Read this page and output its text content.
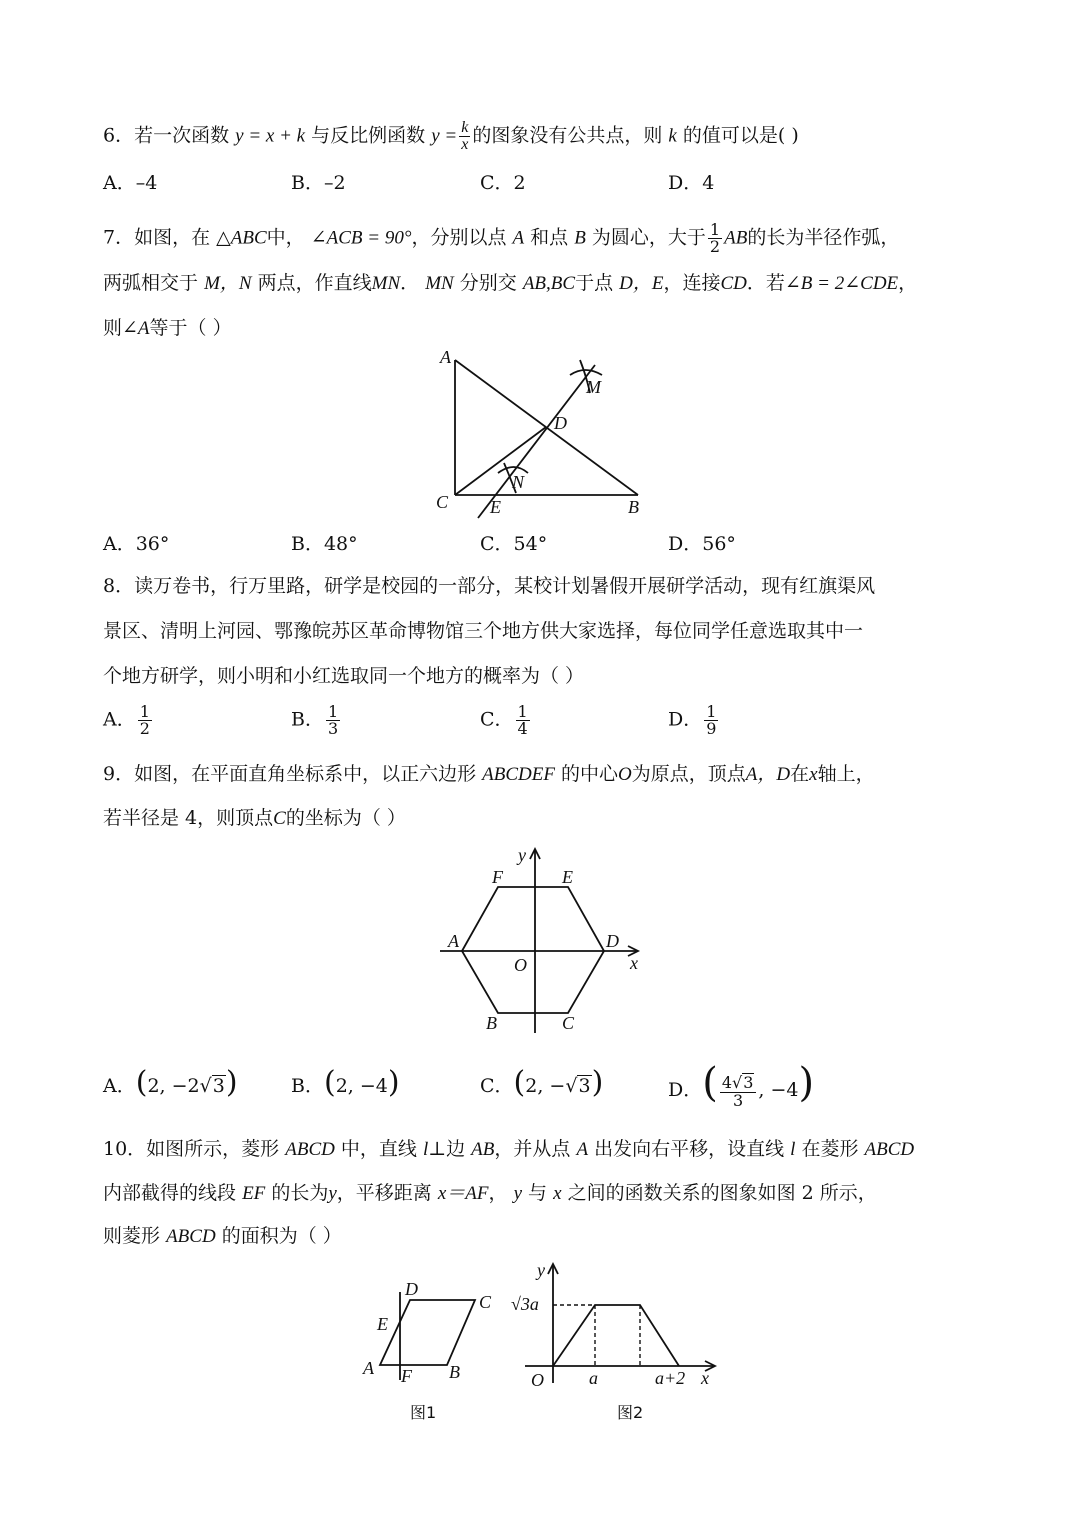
6．若一次函数 y = x + k 与反比例函数 $y = \frac{k}{x}$ 的图象没有公共点，则 k 的值可以是( )
A．–4	B．–2	C．2	D．4
7．如图，在 △ABC中， ∠ACB = 90°，分别以点 A 和点 B 为圆心，大于 $\frac{1}{2}$ AB的长为半径作弧，
两弧相交于 M，N 两点，作直线MN． MN 分别交 AB,BC于点 D，E，连接CD．若∠B = 2∠CDE，
则∠A等于（ ）
A
M
D
N
C E	B
A．36°	B．48°	C．54°	D．56°
8．读万卷书，行万里路，研学是校园的一部分，某校计划暑假开展研学活动，现有红旗渠风
景区、清明上河园、鄂豫皖苏区革命博物馆三个地方供大家选择，每位同学任意选取其中一
个地方研学，则小明和小红选取同一个地方的概率为（ ）
A． $\frac{1}{2}$	B． $\frac{1}{3}$	C． $\frac{1}{4}$	D． $\frac{1}{9}$
9．如图，在平面直角坐标系中，以正六边形 ABCDEF 的中心O为原点，顶点A，D在x轴上，
若半径是 4，则顶点C的坐标为（ ）
y
F	E
A	D
x
O
B	C
A．(2, −2√3)	B．(2, −4)	C．(2, −√3)	D．( $\frac{4√3}{3}$ , −4)
10．如图所示，菱形 ABCD 中，直线 l⊥边 AB，并从点 A 出发向右平移，设直线 l 在菱形 ABCD
内部截得的线段 EF 的长为y，平移距离 x＝AF， y 与 x 之间的函数关系的图象如图 2 所示，
则菱形 ABCD 的面积为（ ）
D
C
E
A F B
图1
y
√3a
O	a	a+2 x
图2
